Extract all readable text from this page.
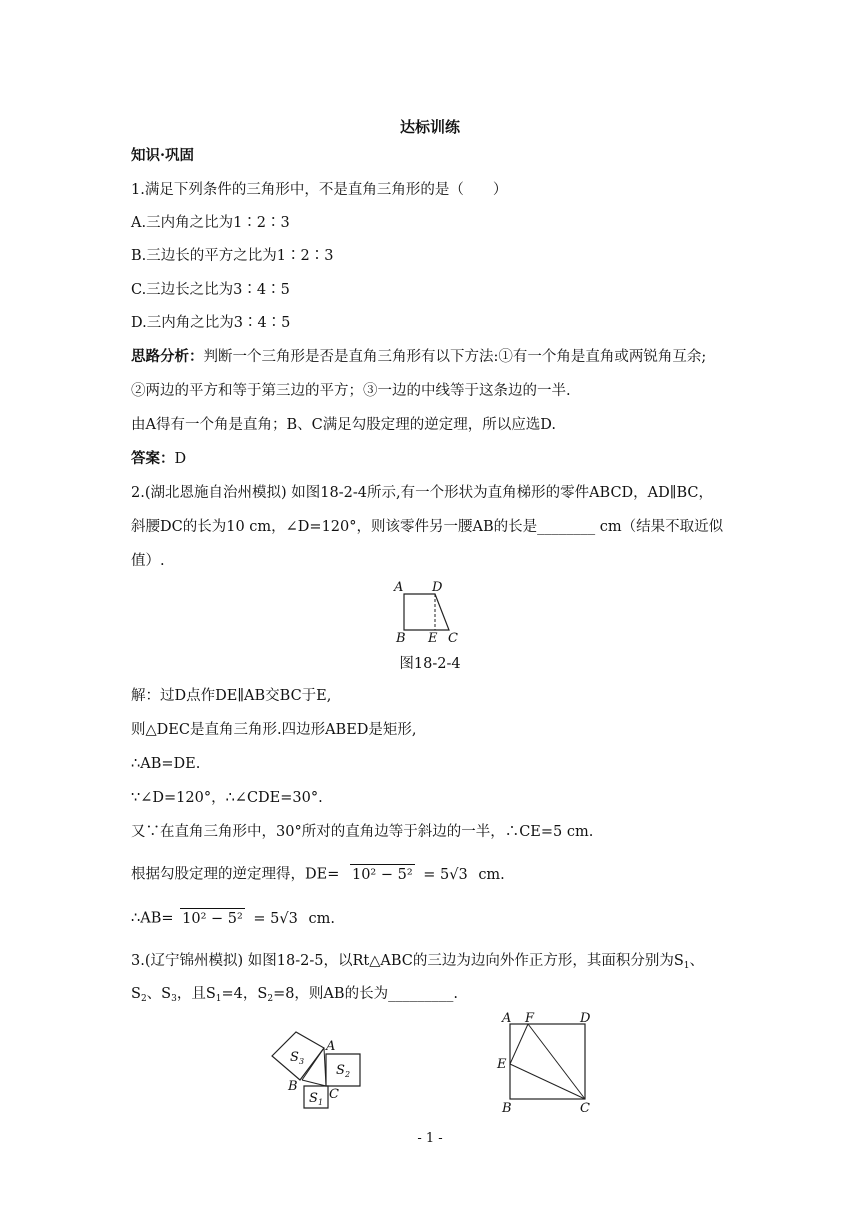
达标训练
知识·巩固
1.满足下列条件的三角形中，不是直角三角形的是（　　）
A.三内角之比为1∶2∶3
B.三边长的平方之比为1∶2∶3
C.三边长之比为3∶4∶5
D.三内角之比为3∶4∶5
思路分析：判断一个三角形是否是直角三角形有以下方法:①有一个角是直角或两锐角互余;
②两边的平方和等于第三边的平方；③一边的中线等于这条边的一半.
由A得有一个角是直角；B、C满足勾股定理的逆定理，所以应选D.
答案：D
2.(湖北恩施自治州模拟) 如图18-2-4所示,有一个形状为直角梯形的零件ABCD，AD∥BC，
斜腰DC的长为10 cm，∠D=120°，则该零件另一腰AB的长是________ cm（结果不取近似
值）.
A D
B E C
图18-2-4
解：过D点作DE∥AB交BC于E,
则△DEC是直角三角形.四边形ABED是矩形,
∴AB=DE.
∵∠D=120°，∴∠CDE=30°.
又∵在直角三角形中，30°所对的直角边等于斜边的一半，∴CE=5 cm.
根据勾股定理的逆定理得，DE= 10² − 5² = 5√3 cm.
∴AB= 10² − 5² = 5√3 cm.
3.(辽宁锦州模拟) 如图18-2-5，以Rt△ABC的三边为边向外作正方形，其面积分别为$S_1$、
$S_2$、$S_3$，且$S_1=4$，$S_2=8$，则AB的长为_________.
S 3
S 2
S 1
A
B
C
A F	D
E
B	C
- 1 -
